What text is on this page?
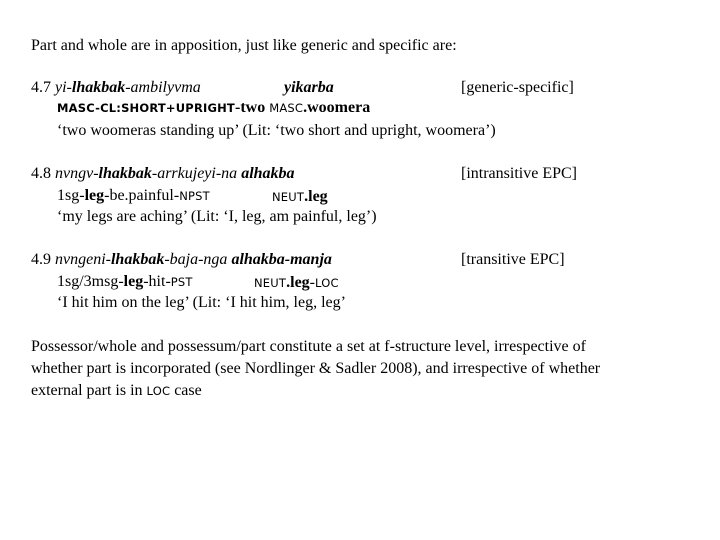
Part and whole are in apposition, just like generic and specific are:
4.7 yi-lhakbak-ambilyvma	yikarba	[generic-specific]
MASC-CL:SHORT+UPRIGHT-two MASC.woomera
‘two woomeras standing up’ (Lit: ‘two short and upright, woomera’)
4.8 nvngv-lhakbak-arrkujeyi-na alhakba	[intransitive EPC]
1sg-leg-be.painful-NPST	NEUT.leg
‘my legs are aching’ (Lit: ‘I, leg, am painful, leg’)
4.9 nvngeni-lhakbak-baja-nga alhakba-manja	[transitive EPC]
1sg/3msg-leg-hit-PST	NEUT.leg-LOC
‘I hit him on the leg’ (Lit: ‘I hit him, leg, leg’
Possessor/whole and possessum/part constitute a set at f-structure level, irrespective of
whether part is incorporated (see Nordlinger & Sadler 2008), and irrespective of whether
external part is in LOC case
